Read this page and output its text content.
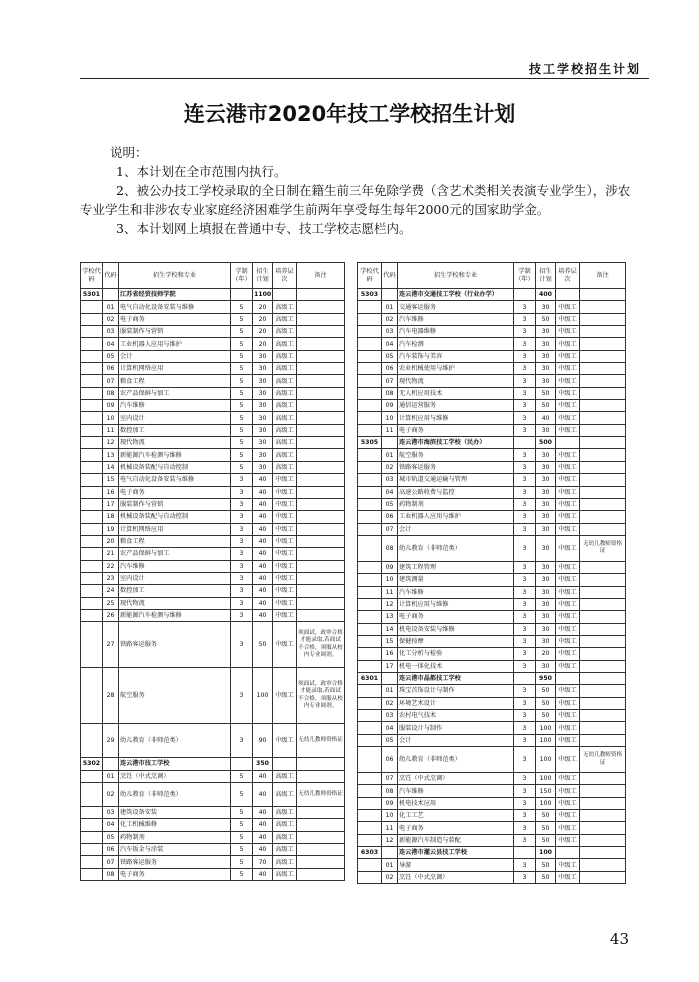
技工学校招生计划
连云港市2020年技工学校招生计划
说明：
1、本计划在全市范围内执行。
2、被公办技工学校录取的全日制在籍生前三年免除学费（含艺术类相关表演专业学生），涉农专业学生和非涉农专业家庭经济困难学生前两年享受每生每年2000元的国家助学金。
3、本计划网上填报在普通中专、技工学校志愿栏内。
学校代码	代码	招生学校和专业	学制（年）	招生计划	培养层次	备注
5301		江苏省经贸技师学院		1100		
	01	电气自动化设备安装与维修	5	20	高级工	
	02	电子商务	5	20	高级工	
	03	服装制作与营销	5	20	高级工	
	04	工业机器人应用与维护	5	20	高级工	
	05	会计	5	30	高级工	
	06	计算机网络应用	5	30	高级工	
	07	粮食工程	5	30	高级工	
	08	农产品保鲜与加工	5	30	高级工	
	09	汽车维修	5	30	高级工	
	10	室内设计	5	30	高级工	
	11	数控加工	5	30	高级工	
	12	现代物流	5	30	高级工	
	13	新能源汽车检测与维修	5	30	高级工	
	14	机械设备装配与自动控制	5	30	高级工	
	15	电气自动化设备安装与维修	3	40	中级工	
	16	电子商务	3	40	中级工	
	17	服装制作与营销	3	40	中级工	
	18	机械设备装配与自动控制	3	40	中级工	
	19	计算机网络应用	3	40	中级工	
	20	粮食工程	3	40	中级工	
	21	农产品保鲜与加工	3	40	中级工	
	22	汽车维修	3	40	中级工	
	23	室内设计	3	40	中级工	
	24	数控加工	3	40	中级工	
	25	现代物流	3	40	中级工	
	26	新能源汽车检测与维修	3	40	中级工	
	27	铁路客运服务	3	50	中级工	须面试，政审合格才能录取,若面试不合格，须服从校内专业调剂。
	28	航空服务	3	100	中级工	须面试，政审合格才能录取,若面试不合格，须服从校内专业调剂。
	29	幼儿教育（非师范类）	3	90	中级工	无幼儿教师资格证
5302		连云港市技工学校		350		
	01	烹饪（中式烹调）	5	40	高级工	
	02	幼儿教育（非师范类）	5	40	高级工	无幼儿教师资格证
	03	建筑设备安装	5	40	高级工	
	04	化工机械维修	5	40	高级工	
	05	药物制剂	5	40	高级工	
	06	汽车钣金与涂装	5	40	高级工	
	07	铁路客运服务	5	70	高级工	
	08	电子商务	5	40	高级工	
学校代码	代码	招生学校和专业	学制（年）	招生计划	培养层次	备注
5303		连云港市交通技工学校（行业办学）		400		
	01	交通客运服务	3	30	中级工	
	02	汽车维修	3	50	中级工	
	03	汽车电器维修	3	30	中级工	
	04	汽车检测	3	30	中级工	
	05	汽车装饰与美容	3	30	中级工	
	06	农业机械使用与维护	3	30	中级工	
	07	现代物流	3	30	中级工	
	08	无人机应用技术	3	50	中级工	
	09	通信运营服务	3	50	中级工	
	10	计算机应用与维修	3	40	中级工	
	11	电子商务	3	30	中级工	
5305		连云港市海滨技工学校（民办）		500		
	01	航空服务	3	30	中级工	
	02	铁路客运服务	3	30	中级工	
	03	城市轨道交通运输与管理	3	30	中级工	
	04	高速公路收费与监控	3	30	中级工	
	05	药物制剂	3	30	中级工	
	06	工业机器人应用与维护	3	30	中级工	
	07	会计	3	30	中级工	
	08	幼儿教育（非师范类）	3	30	中级工	无幼儿教师资格证
	09	建筑工程管理	3	30	中级工	
	10	建筑测量	3	30	中级工	
	11	汽车维修	3	30	中级工	
	12	计算机应用与维修	3	30	中级工	
	13	电子商务	3	30	中级工	
	14	机电设备安装与维修	3	30	中级工	
	15	保健按摩	3	30	中级工	
	16	化工分析与检验	3	20	中级工	
	17	机电一体化技术	3	30	中级工	
6301		连云港市晶都技工学校		950		
	01	珠宝首饰设计与制作	3	50	中级工	
	02	环境艺术设计	3	50	中级工	
	03	农村电气技术	3	50	中级工	
	04	服装设计与制作	3	100	中级工	
	05	会计	3	100	中级工	
	06	幼儿教育（非师范类）	3	100	中级工	无幼儿教师资格证
	07	烹饪（中式烹调）	3	100	中级工	
	08	汽车维修	3	150	中级工	
	09	机电技术应用	3	100	中级工	
	10	化工工艺	3	50	中级工	
	11	电子商务	3	50	中级工	
	12	新能源汽车制造与装配	3	50	中级工	
6303		连云港市灌云县技工学校		100		
	01	导游	3	50	中级工	
	02	烹饪（中式烹调）	3	50	中级工	
43
